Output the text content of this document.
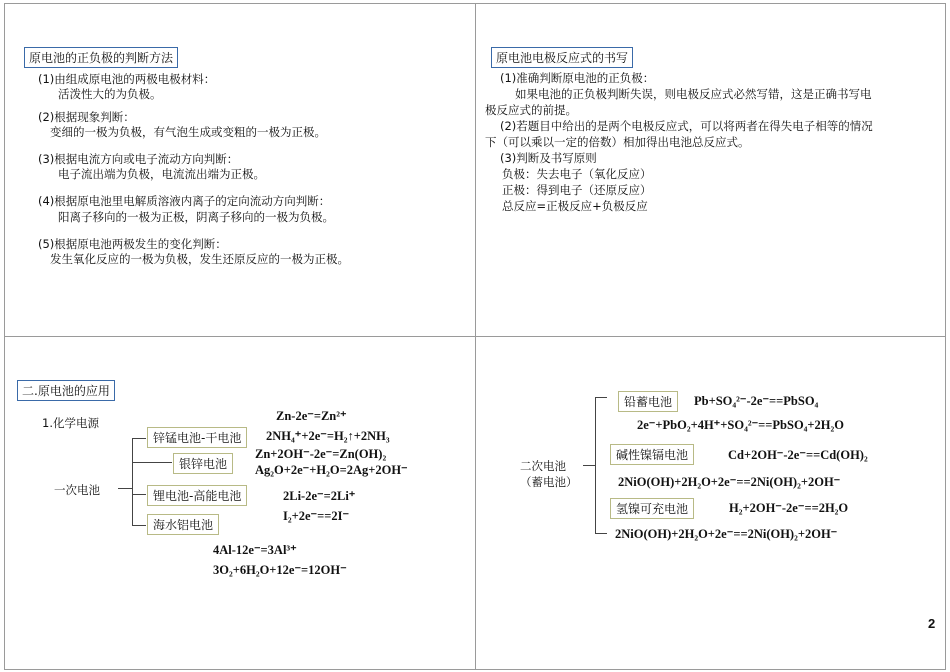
原电池的正负极的判断方法
(1)由组成原电池的两极电极材料：
活泼性大的为负极。
(2)根据现象判断：
变细的一极为负极，有气泡生成或变粗的一极为正极。
(3)根据电流方向或电子流动方向判断：
电子流出端为负极，电流流出端为正极。
(4)根据原电池里电解质溶液内离子的定向流动方向判断：
阳离子移向的一极为正极，阴离子移向的一极为负极。
(5)根据原电池两极发生的变化判断：
发生氧化反应的一极为负极，发生还原反应的一极为正极。
原电池电极反应式的书写
(1)准确判断原电池的正负极：
如果电池的正负极判断失误，则电极反应式必然写错，这是正确书写电
极反应式的前提。
(2)若题目中给出的是两个电极反应式，可以将两者在得失电子相等的情况
下（可以乘以一定的倍数）相加得出电池总反应式。
(3)判断及书写原则
负极：失去电子（氧化反应）
正极：得到电子（还原反应）
总反应=正极反应+负极反应
二.原电池的应用
1.化学电源
一次电池
锌锰电池-干电池
银锌电池
锂电池-高能电池
海水铝电池
Zn-2e⁻=Zn²⁺
2NH₄⁺+2e⁻=H₂↑+2NH₃
Zn+2OH⁻-2e⁻=Zn(OH)₂
Ag₂O+2e⁻+H₂O=2Ag+2OH⁻
2Li-2e⁻=2Li⁺
I₂+2e⁻==2I⁻
4Al-12e⁻=3Al³⁺
3O₂+6H₂O+12e⁻=12OH⁻
二次电池
（蓄电池）
铅蓄电池
碱性镍镉电池
氢镍可充电池
Pb+SO₄²⁻-2e⁻==PbSO₄
2e⁻+PbO₂+4H⁺+SO₄²⁻==PbSO₄+2H₂O
Cd+2OH⁻-2e⁻==Cd(OH)₂
2NiO(OH)+2H₂O+2e⁻==2Ni(OH)₂+2OH⁻
H₂+2OH⁻-2e⁻==2H₂O
2NiO(OH)+2H₂O+2e⁻==2Ni(OH)₂+2OH⁻
2
